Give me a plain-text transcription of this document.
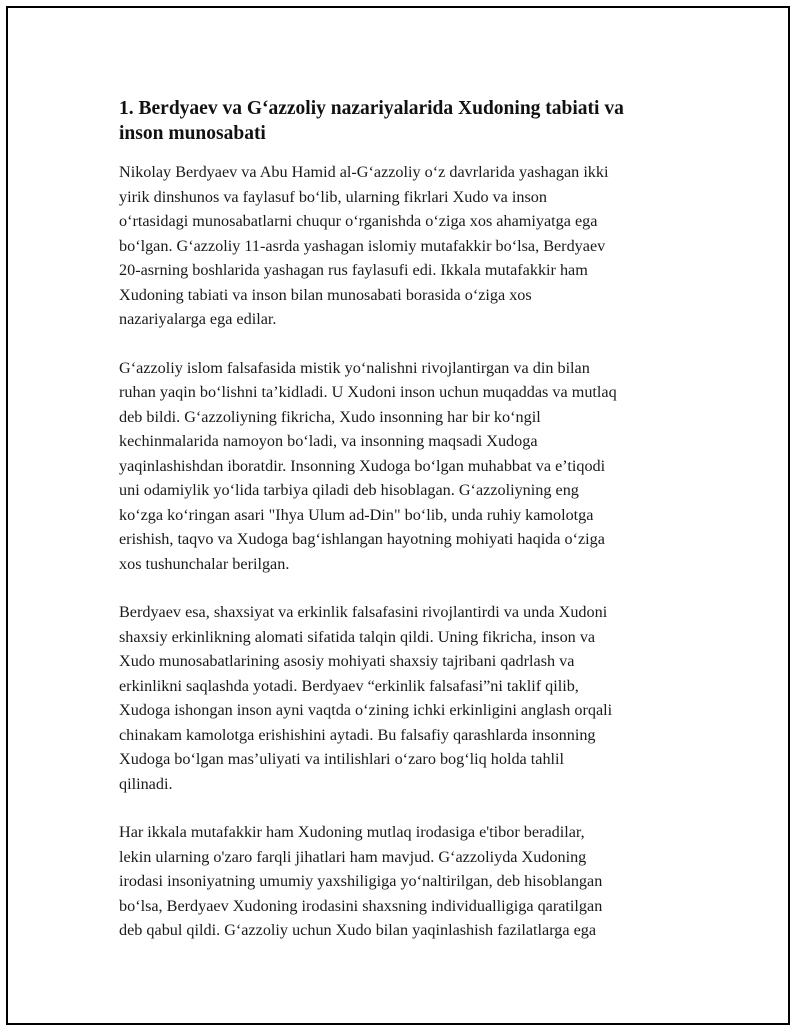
1. Berdyaev va G‘azzoliy nazariyalarida Xudoning tabiati va
inson munosabati

Nikolay Berdyaev va Abu Hamid al-G‘azzoliy o‘z davrlarida yashagan ikki
yirik dinshunos va faylasuf bo‘lib, ularning fikrlari Xudo va inson
o‘rtasidagi munosabatlarni chuqur o‘rganishda o‘ziga xos ahamiyatga ega
bo‘lgan. G‘azzoliy 11-asrda yashagan islomiy mutafakkir bo‘lsa, Berdyaev
20-asrning boshlarida yashagan rus faylasufi edi. Ikkala mutafakkir ham
Xudoning tabiati va inson bilan munosabati borasida o‘ziga xos
nazariyalarga ega edilar.

G‘azzoliy islom falsafasida mistik yo‘nalishni rivojlantirgan va din bilan
ruhan yaqin bo‘lishni ta’kidladi. U Xudoni inson uchun muqaddas va mutlaq
deb bildi. G‘azzoliyning fikricha, Xudo insonning har bir ko‘ngil
kechinmalarida namoyon bo‘ladi, va insonning maqsadi Xudoga
yaqinlashishdan iboratdir. Insonning Xudoga bo‘lgan muhabbat va e’tiqodi
uni odamiylik yo‘lida tarbiya qiladi deb hisoblagan. G‘azzoliyning eng
ko‘zga ko‘ringan asari "Ihya Ulum ad-Din" bo‘lib, unda ruhiy kamolotga
erishish, taqvo va Xudoga bag‘ishlangan hayotning mohiyati haqida o‘ziga
xos tushunchalar berilgan.

Berdyaev esa, shaxsiyat va erkinlik falsafasini rivojlantirdi va unda Xudoni
shaxsiy erkinlikning alomati sifatida talqin qildi. Uning fikricha, inson va
Xudo munosabatlarining asosiy mohiyati shaxsiy tajribani qadrlash va
erkinlikni saqlashda yotadi. Berdyaev “erkinlik falsafasi”ni taklif qilib,
Xudoga ishongan inson ayni vaqtda o‘zining ichki erkinligini anglash orqali
chinakam kamolotga erishishini aytadi. Bu falsafiy qarashlarda insonning
Xudoga bo‘lgan mas’uliyati va intilishlari o‘zaro bog‘liq holda tahlil
qilinadi.

Har ikkala mutafakkir ham Xudoning mutlaq irodasiga e'tibor beradilar,
lekin ularning o'zaro farqli jihatlari ham mavjud. G‘azzoliyda Xudoning
irodasi insoniyatning umumiy yaxshiligiga yo‘naltirilgan, deb hisoblangan
bo‘lsa, Berdyaev Xudoning irodasini shaxsning individualligiga qaratilgan
deb qabul qildi. G‘azzoliy uchun Xudo bilan yaqinlashish fazilatlarga ega
